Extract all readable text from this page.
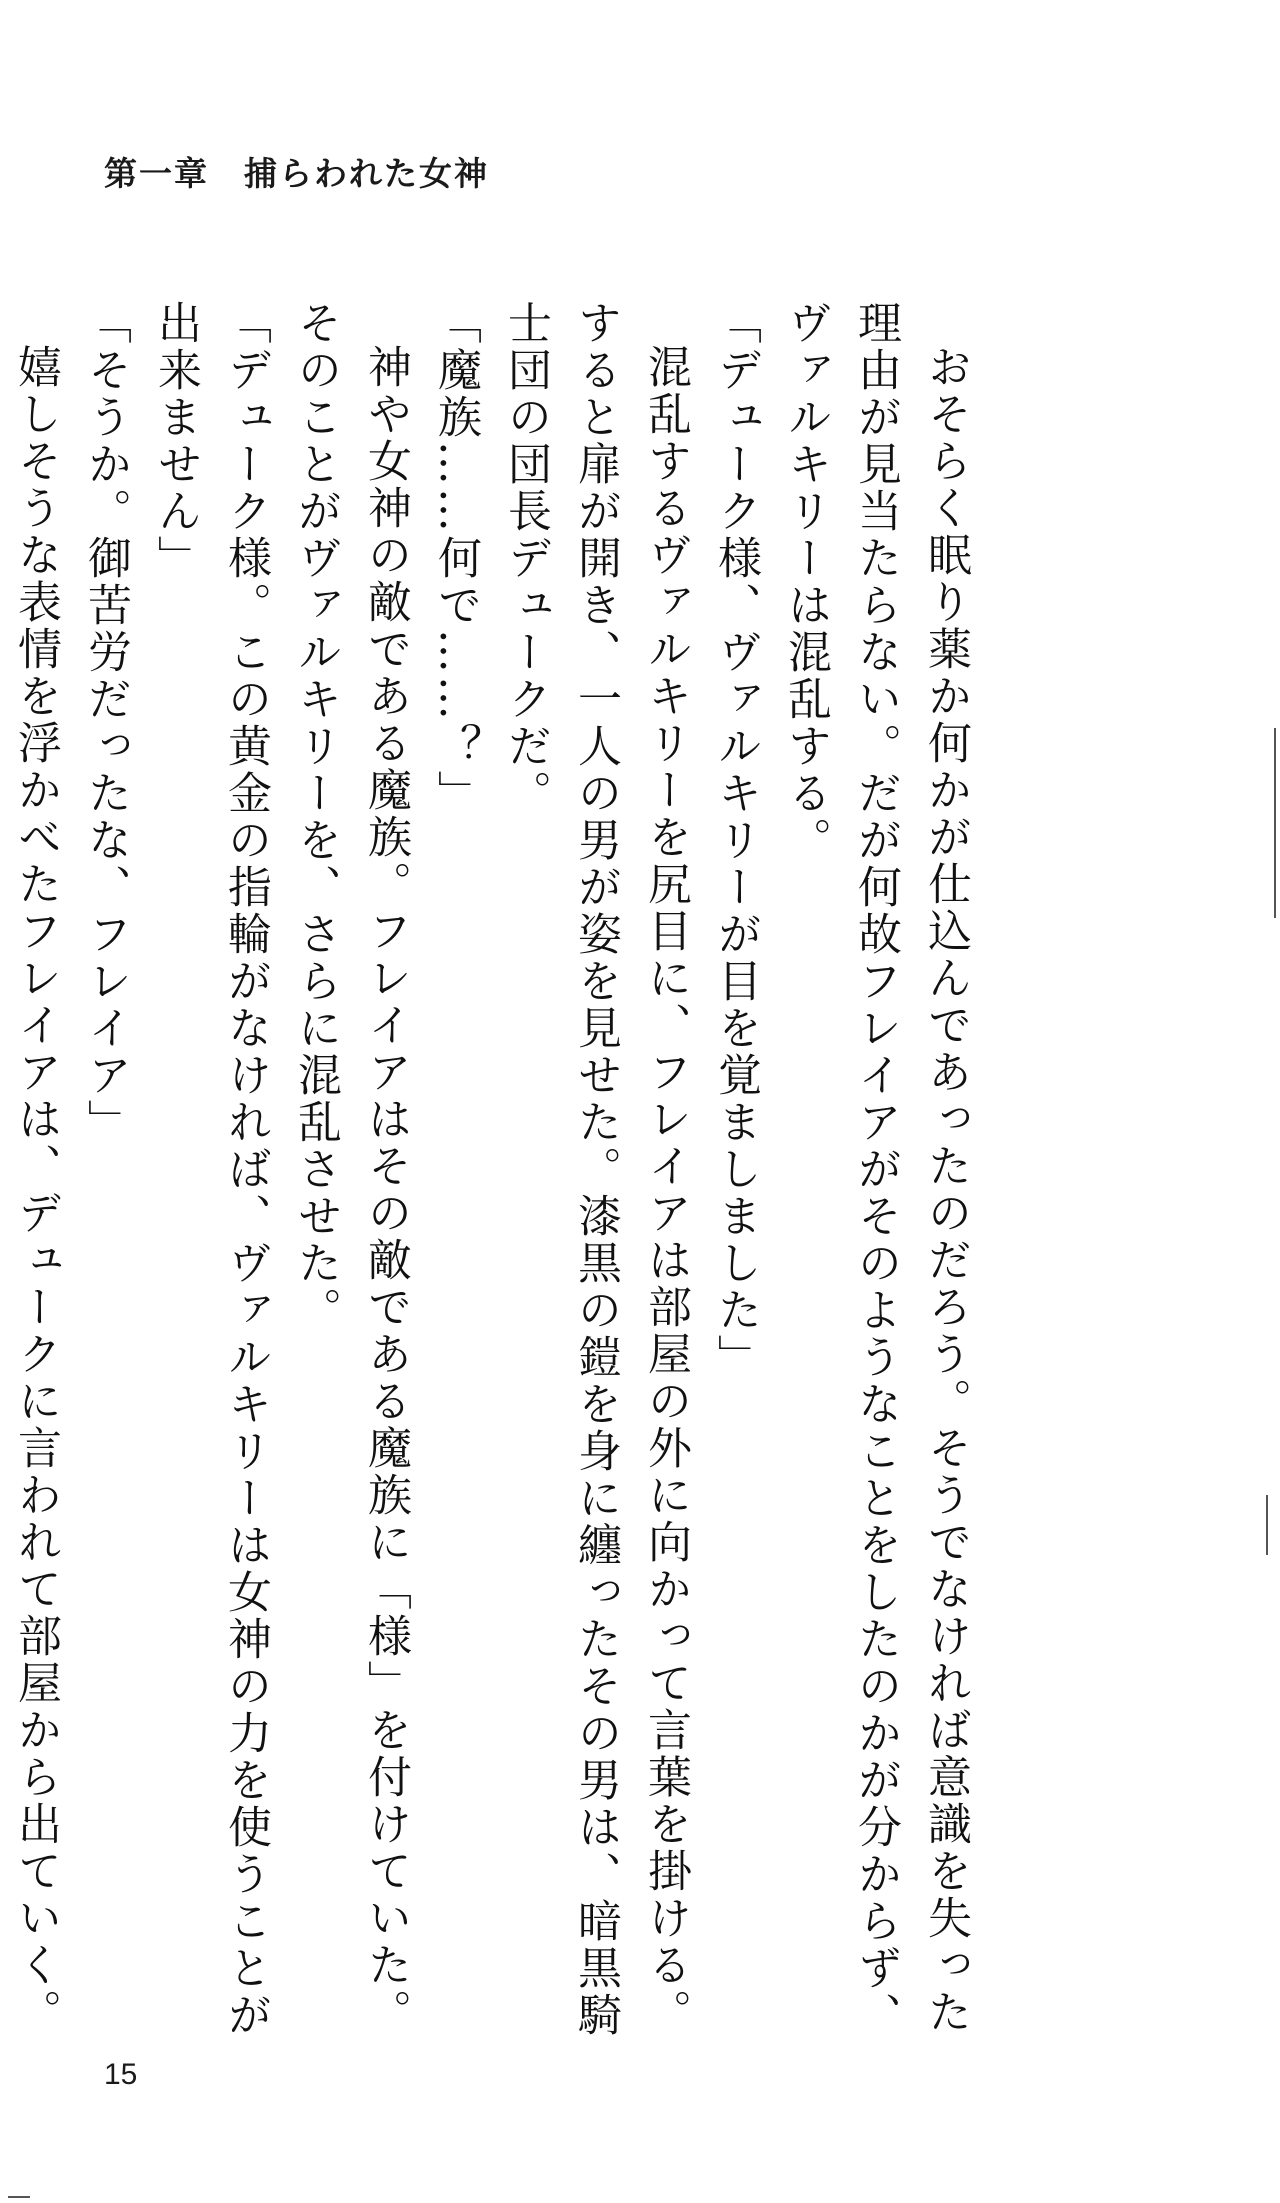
第一章　捕らわれた女神

おそらく眠り薬か何かが仕込んであったのだろう。そうでなければ意識を失った理由が見当たらない。だが何故フレイアがそのようなことをしたのかが分からず、ヴァルキリーは混乱する。

「デューク様、ヴァルキリーが目を覚ましました」

混乱するヴァルキリーを尻目に、フレイアは部屋の外に向かって言葉を掛ける。すると扉が開き、一人の男が姿を見せた。漆黒の鎧を身に纏ったその男は、暗黒騎士団の団長デュークだ。

「魔族……何で……？」

神や女神の敵である魔族。フレイアはその敵である魔族に「様」を付けていた。そのことがヴァルキリーを、さらに混乱させた。

「デューク様。この黄金の指輪がなければ、ヴァルキリーは女神の力を使うことが出来ません」

「そうか。御苦労だったな、フレイア」

嬉しそうな表情を浮かべたフレイアは、デュークに言われて部屋から出ていく。

15
